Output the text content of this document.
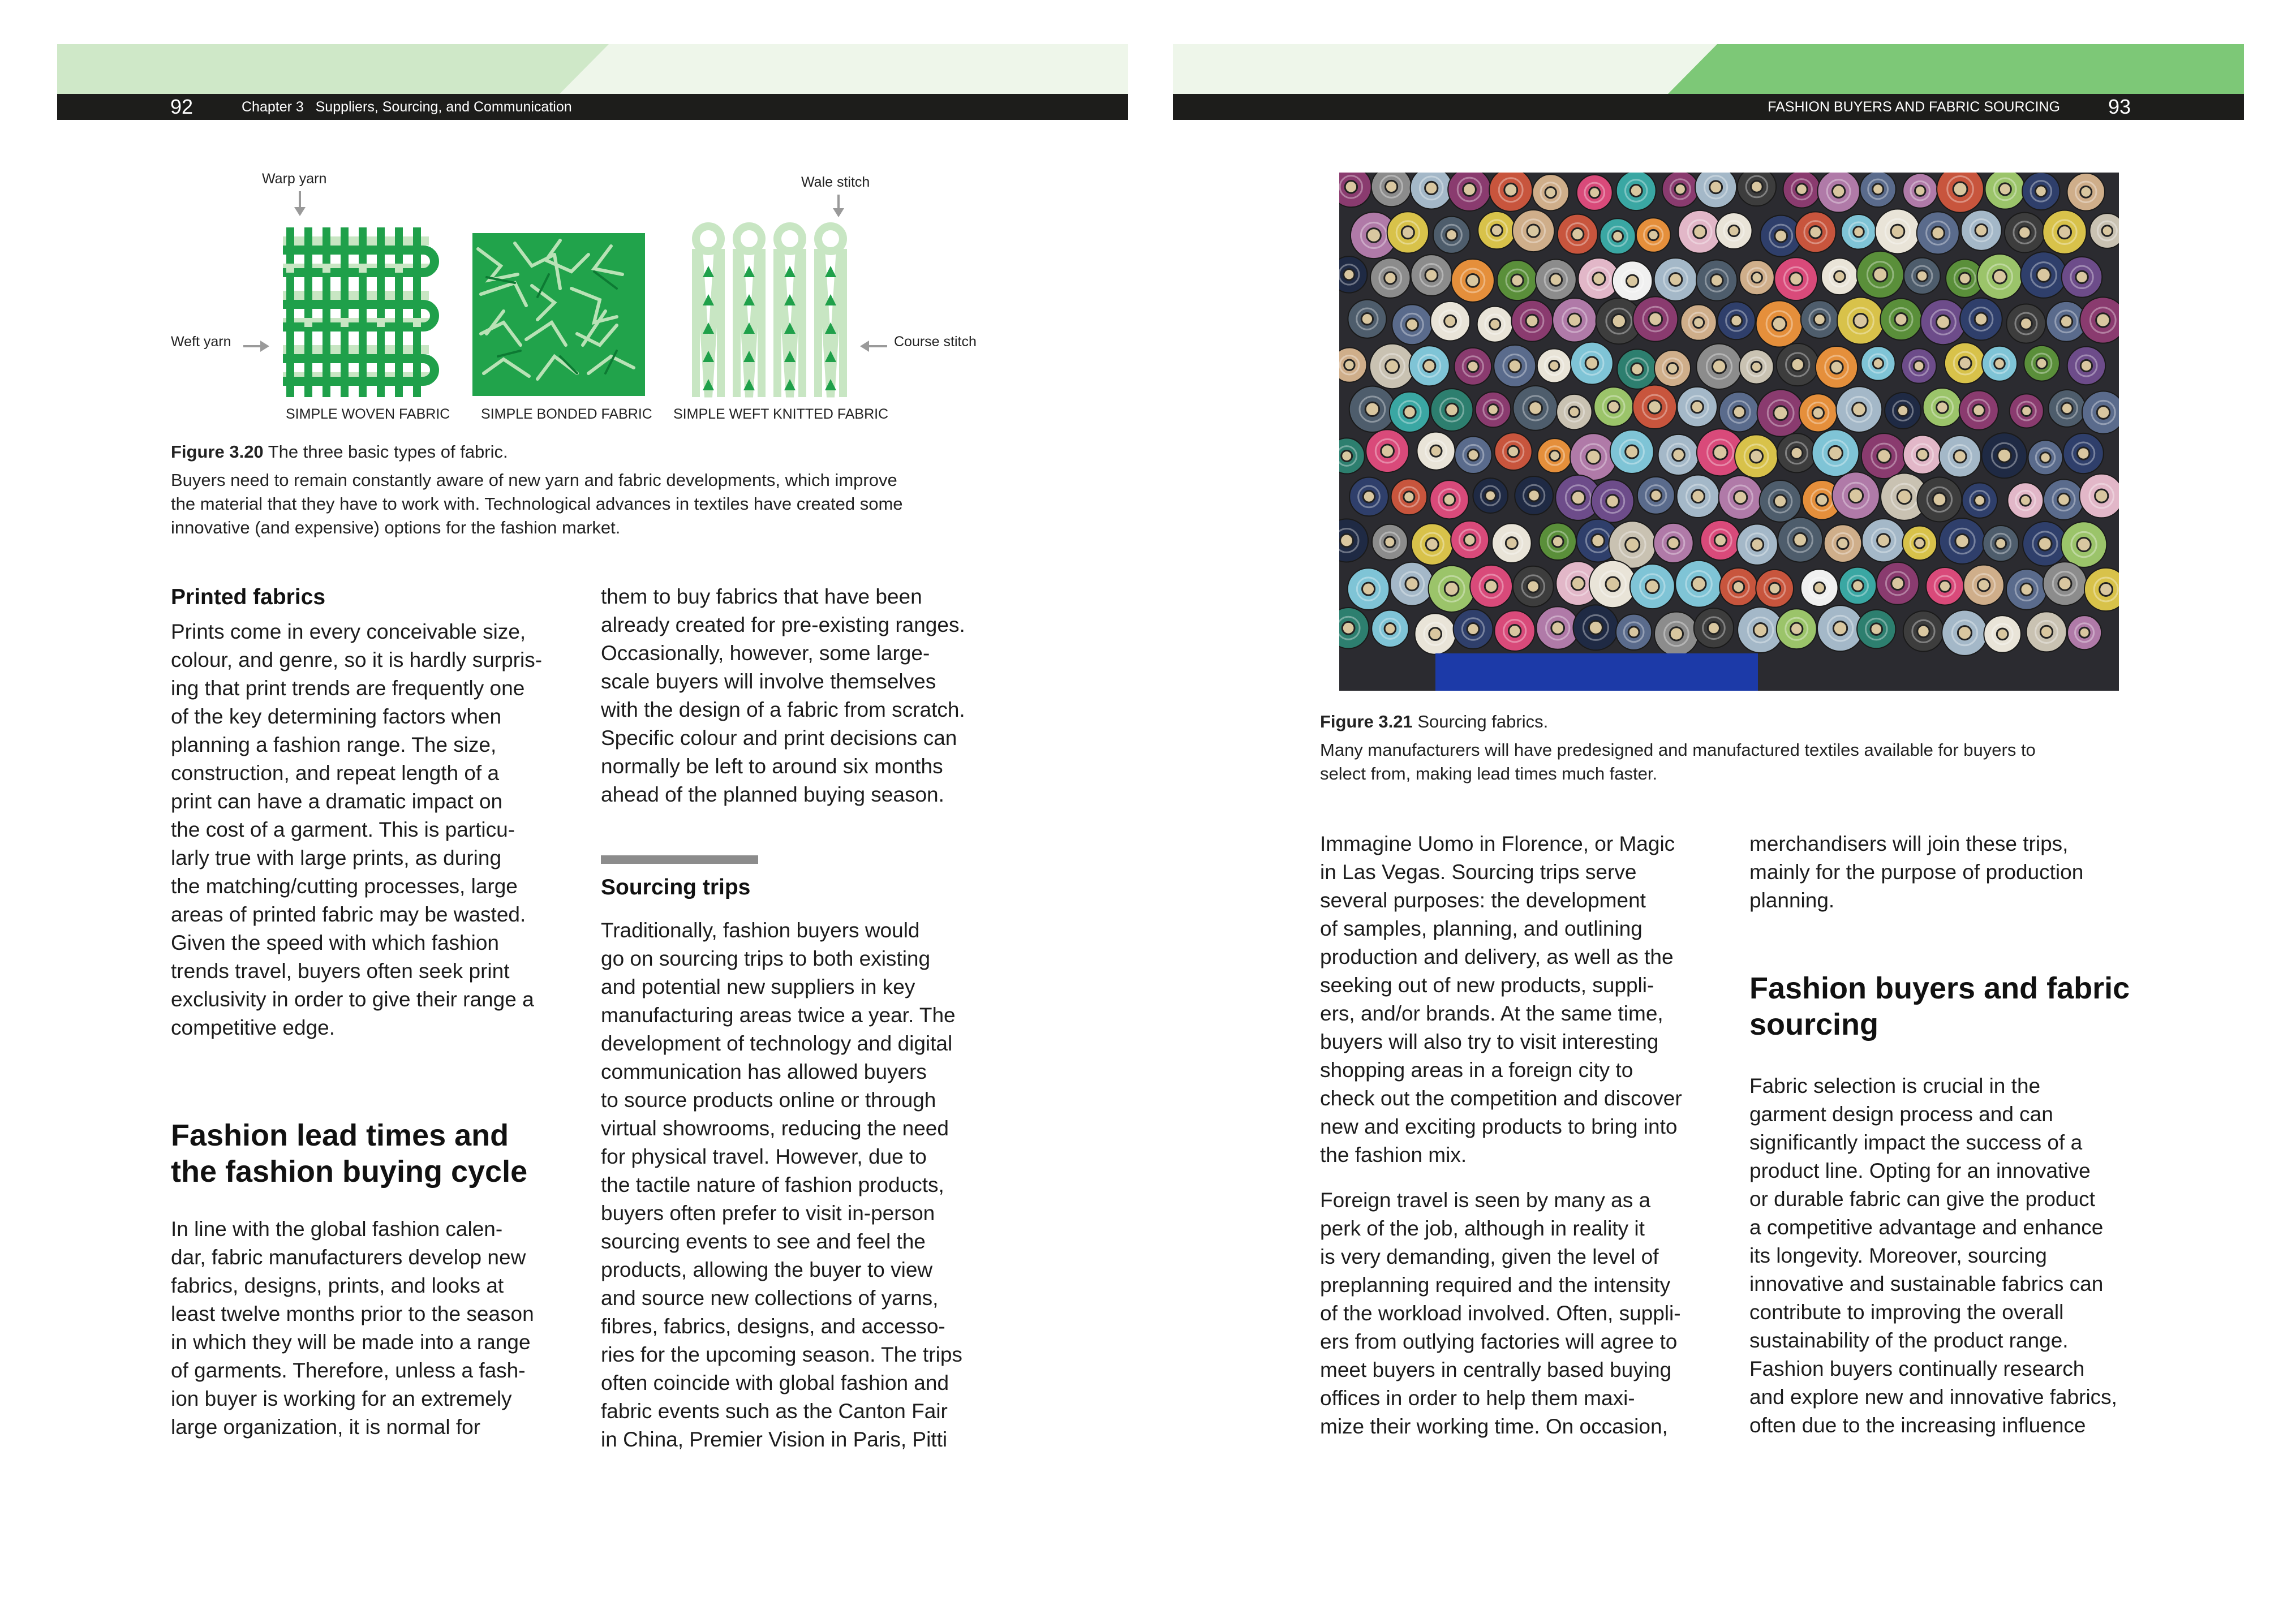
92	Chapter 3   Suppliers, Sourcing, and Communication	FASHION BUYERS AND FABRIC SOURCING 93
Warp yarn
Weft yarn
Wale stitch
Course stitch
SIMPLE WOVEN FABRIC SIMPLE BONDED FABRIC SIMPLE WEFT KNITTED FABRIC
Figure 3.20 The three basic types of fabric.
Buyers need to remain constantly aware of new yarn and fabric developments, which improve
the material that they have to work with. Technological advances in textiles have created some
innovative (and expensive) options for the fashion market.
Printed fabrics
Prints come in every conceivable size,
colour, and genre, so it is hardly surpris-
ing that print trends are frequently one
of the key determining factors when
planning a fashion range. The size,
construction, and repeat length of a
print can have a dramatic impact on
the cost of a garment. This is particu-
larly true with large prints, as during
the matching/cutting processes, large
areas of printed fabric may be wasted.
Given the speed with which fashion
trends travel, buyers often seek print
exclusivity in order to give their range a
competitive edge.
Fashion lead times and
the fashion buying cycle
In line with the global fashion calen-
dar, fabric manufacturers develop new
fabrics, designs, prints, and looks at
least twelve months prior to the season
in which they will be made into a range
of garments. Therefore, unless a fash-
ion buyer is working for an extremely
large organization, it is normal for
them to buy fabrics that have been
already created for pre-existing ranges.
Occasionally, however, some large-
scale buyers will involve themselves
with the design of a fabric from scratch.
Specific colour and print decisions can
normally be left to around six months
ahead of the planned buying season.
Sourcing trips
Traditionally, fashion buyers would
go on sourcing trips to both existing
and potential new suppliers in key
manufacturing areas twice a year. The
development of technology and digital
communication has allowed buyers
to source products online or through
virtual showrooms, reducing the need
for physical travel. However, due to
the tactile nature of fashion products,
buyers often prefer to visit in-person
sourcing events to see and feel the
products, allowing the buyer to view
and source new collections of yarns,
fibres, fabrics, designs, and accesso-
ries for the upcoming season. The trips
often coincide with global fashion and
fabric events such as the Canton Fair
in China, Premier Vision in Paris, Pitti
Figure 3.21 Sourcing fabrics.
Many manufacturers will have predesigned and manufactured textiles available for buyers to
select from, making lead times much faster.
Immagine Uomo in Florence, or Magic
in Las Vegas. Sourcing trips serve
several purposes: the development
of samples, planning, and outlining
production and delivery, as well as the
seeking out of new products, suppli-
ers, and/or brands. At the same time,
buyers will also try to visit interesting
shopping areas in a foreign city to
check out the competition and discover
new and exciting products to bring into
the fashion mix.
Foreign travel is seen by many as a
perk of the job, although in reality it
is very demanding, given the level of
preplanning required and the intensity
of the workload involved. Often, suppli-
ers from outlying factories will agree to
meet buyers in centrally based buying
offices in order to help them maxi-
mize their working time. On occasion,
merchandisers will join these trips,
mainly for the purpose of production
planning.
Fashion buyers and fabric
sourcing
Fabric selection is crucial in the
garment design process and can
significantly impact the success of a
product line. Opting for an innovative
or durable fabric can give the product
a competitive advantage and enhance
its longevity. Moreover, sourcing
innovative and sustainable fabrics can
contribute to improving the overall
sustainability of the product range.
Fashion buyers continually research
and explore new and innovative fabrics,
often due to the increasing influence
